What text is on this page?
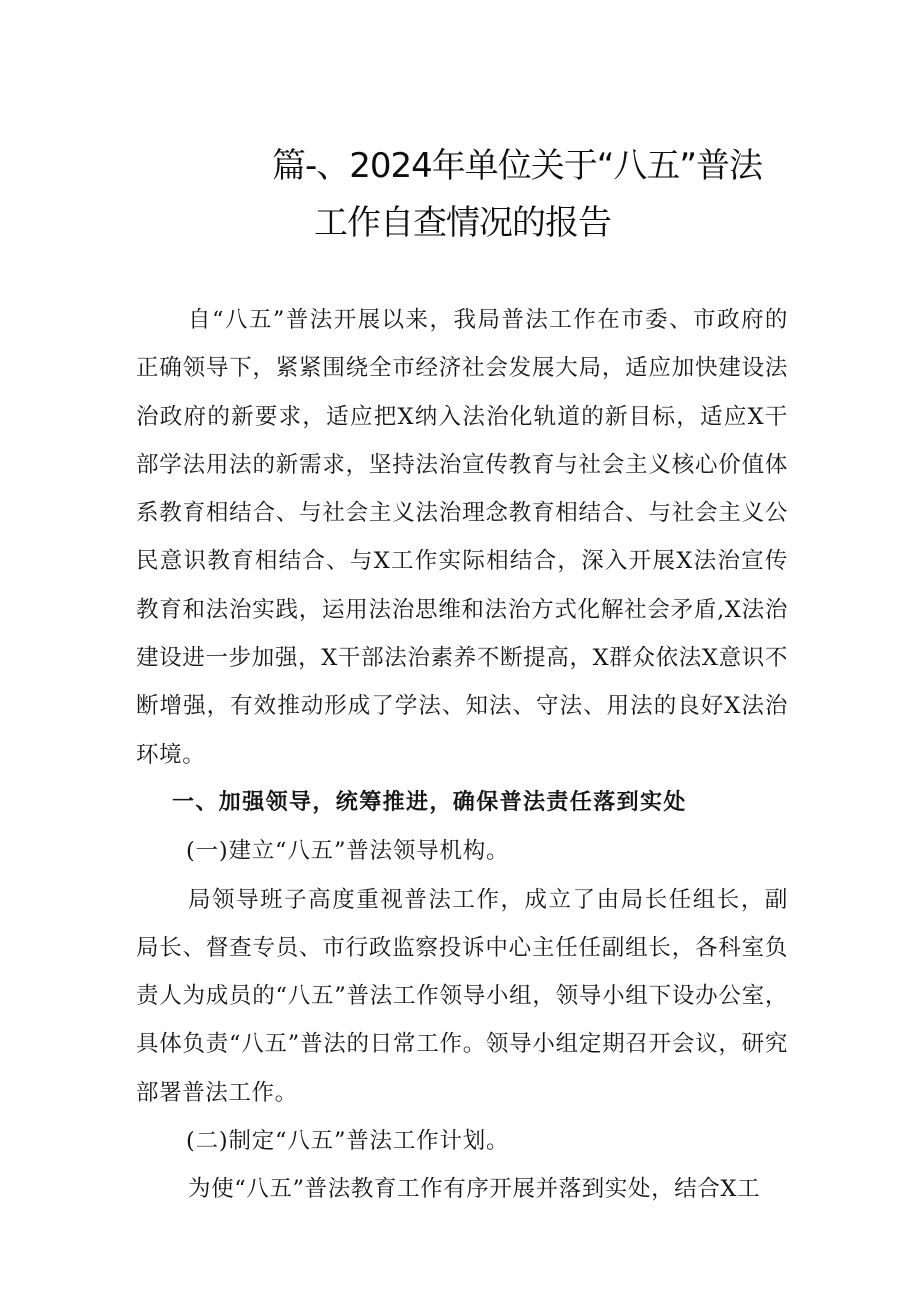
篇-、2024年单位关于“八五”普法
工作自查情况的报告

自“八五”普法开展以来，我局普法工作在市委、市政府的正确领导下，紧紧围绕全市经济社会发展大局，适应加快建设法治政府的新要求，适应把X纳入法治化轨道的新目标，适应X干部学法用法的新需求，坚持法治宣传教育与社会主义核心价值体系教育相结合、与社会主义法治理念教育相结合、与社会主义公民意识教育相结合、与X工作实际相结合，深入开展X法治宣传教育和法治实践，运用法治思维和法治方式化解社会矛盾,X法治建设进一步加强，X干部法治素养不断提高，X群众依法X意识不断增强，有效推动形成了学法、知法、守法、用法的良好X法治环境。

一、加强领导，统筹推进，确保普法责任落到实处

(一)建立“八五”普法领导机构。

局领导班子高度重视普法工作，成立了由局长任组长，副局长、督查专员、市行政监察投诉中心主任任副组长，各科室负责人为成员的“八五”普法工作领导小组，领导小组下设办公室，具体负责“八五”普法的日常工作。领导小组定期召开会议，研究部署普法工作。

(二)制定“八五”普法工作计划。

为使“八五”普法教育工作有序开展并落到实处，结合X工
